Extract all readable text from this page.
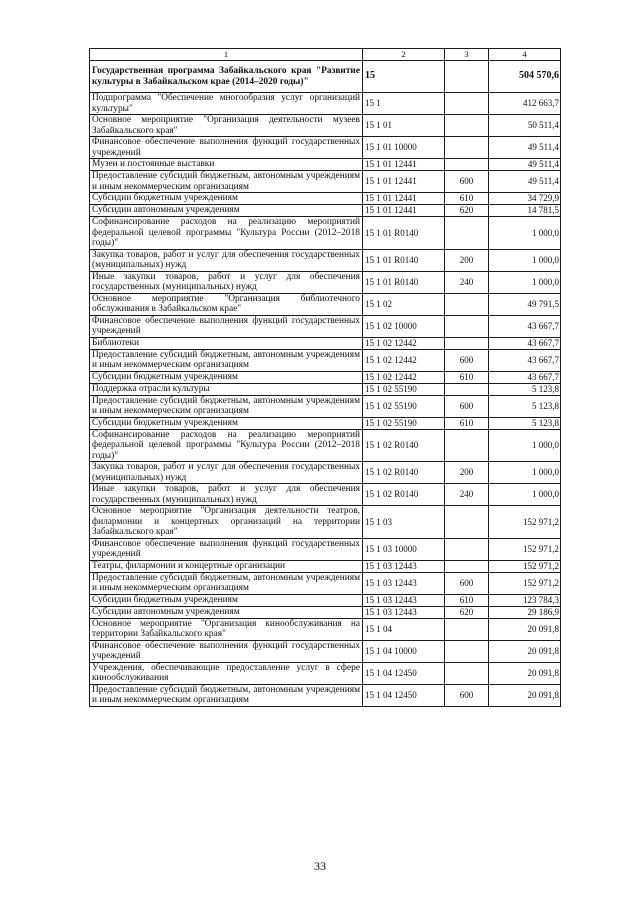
1	2	3	4
Государственная программа Забайкальского края "Развитие культуры в Забайкальском крае (2014–2020 годы)"	15		504 570,6
Подпрограмма "Обеспечение многообразия услуг организаций культуры"	15 1		412 663,7
Основное мероприятие "Организация деятельности музеев Забайкальского края"	15 1 01		50 511,4
Финансовое обеспечение выполнения функций государственных учреждений	15 1 01 10000		49 511,4
Музеи и постоянные выставки	15 1 01 12441		49 511,4
Предоставление субсидий бюджетным, автономным учреждениям и иным некоммерческим организациям	15 1 01 12441	600	49 511,4
Субсидии бюджетным учреждениям	15 1 01 12441	610	34 729,9
Субсидии автономным учреждениям	15 1 01 12441	620	14 781,5
Софинансирование расходов на реализацию мероприятий федеральной целевой программы "Культура России (2012–2018 годы)"	15 1 01 R0140		1 000,0
Закупка товаров, работ и услуг для обеспечения государственных (муниципальных) нужд	15 1 01 R0140	200	1 000,0
Иные закупки товаров, работ и услуг для обеспечения государственных (муниципальных) нужд	15 1 01 R0140	240	1 000,0
Основное мероприятие "Организация библиотечного обслуживания в Забайкальском крае"	15 1 02		49 791,5
Финансовое обеспечение выполнения функций государственных учреждений	15 1 02 10000		43 667,7
Библиотеки	15 1 02 12442		43 667,7
Предоставление субсидий бюджетным, автономным учреждениям и иным некоммерческим организациям	15 1 02 12442	600	43 667,7
Субсидии бюджетным учреждениям	15 1 02 12442	610	43 667,7
Поддержка отрасли культуры	15 1 02 55190		5 123,8
Предоставление субсидий бюджетным, автономным учреждениям и иным некоммерческим организациям	15 1 02 55190	600	5 123,8
Субсидии бюджетным учреждениям	15 1 02 55190	610	5 123,8
Софинансирование расходов на реализацию мероприятий федеральной целевой программы "Культура России (2012–2018 годы)"	15 1 02 R0140		1 000,0
Закупка товаров, работ и услуг для обеспечения государственных (муниципальных) нужд	15 1 02 R0140	200	1 000,0
Иные закупки товаров, работ и услуг для обеспечения государственных (муниципальных) нужд	15 1 02 R0140	240	1 000,0
Основное мероприятие "Организация деятельности театров, филармонии и концертных организаций на территории Забайкальского края"	15 1 03		152 971,2
Финансовое обеспечение выполнения функций государственных учреждений	15 1 03 10000		152 971,2
Театры, филармонии и концертные организации	15 1 03 12443		152 971,2
Предоставление субсидий бюджетным, автономным учреждениям и иным некоммерческим организациям	15 1 03 12443	600	152 971,2
Субсидии бюджетным учреждениям	15 1 03 12443	610	123 784,3
Субсидии автономным учреждениям	15 1 03 12443	620	29 186,9
Основное мероприятие "Организация кинообслуживания на территории Забайкальского края"	15 1 04		20 091,8
Финансовое обеспечение выполнения функций государственных учреждений	15 1 04 10000		20 091,8
Учреждения, обеспечивающие предоставление услуг в сфере кинообслуживания	15 1 04 12450		20 091,8
Предоставление субсидий бюджетным, автономным учреждениям и иным некоммерческим организациям	15 1 04 12450	600	20 091,8
33
